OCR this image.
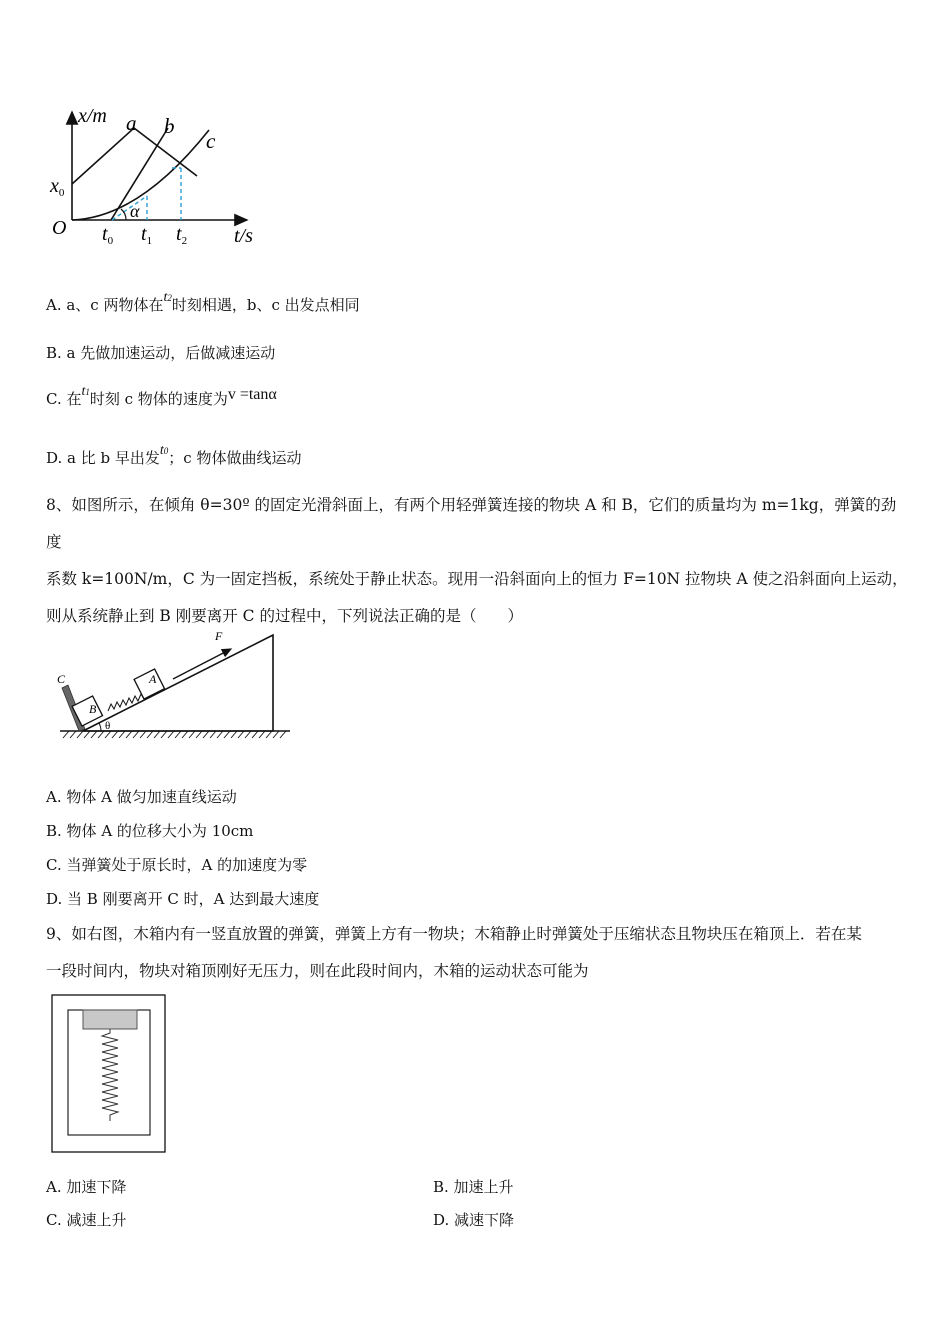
x/m
t/s
O
$x_0$
$t_0$ $t_1$ $t_2$
α
a b
c
A. a、c 两物体在t2时刻相遇，b、c 出发点相同
B. a 先做加速运动，后做减速运动
C. 在t1时刻 c 物体的速度为v =tanα
D. a 比 b 早出发t0；c 物体做曲线运动
8、如图所示，在倾角 θ=30º 的固定光滑斜面上，有两个用轻弹簧连接的物块 A 和 B，它们的质量均为 m=1kg，弹簧的劲度
系数 k=100N/m，C 为一固定挡板，系统处于静止状态。现用一沿斜面向上的恒力 F=10N 拉物块 A 使之沿斜面向上运动，
则从系统静止到 B 刚要离开 C 的过程中，下列说法正确的是（　　）
C
B
A
F
θ
A. 物体 A 做匀加速直线运动
B. 物体 A 的位移大小为 10cm
C. 当弹簧处于原长时，A 的加速度为零
D. 当 B 刚要离开 C 时，A 达到最大速度
9、如右图，木箱内有一竖直放置的弹簧，弹簧上方有一物块；木箱静止时弹簧处于压缩状态且物块压在箱顶上．若在某
一段时间内，物块对箱顶刚好无压力，则在此段时间内，木箱的运动状态可能为
A. 加速下降	B. 加速上升
C. 减速上升	D. 减速下降
